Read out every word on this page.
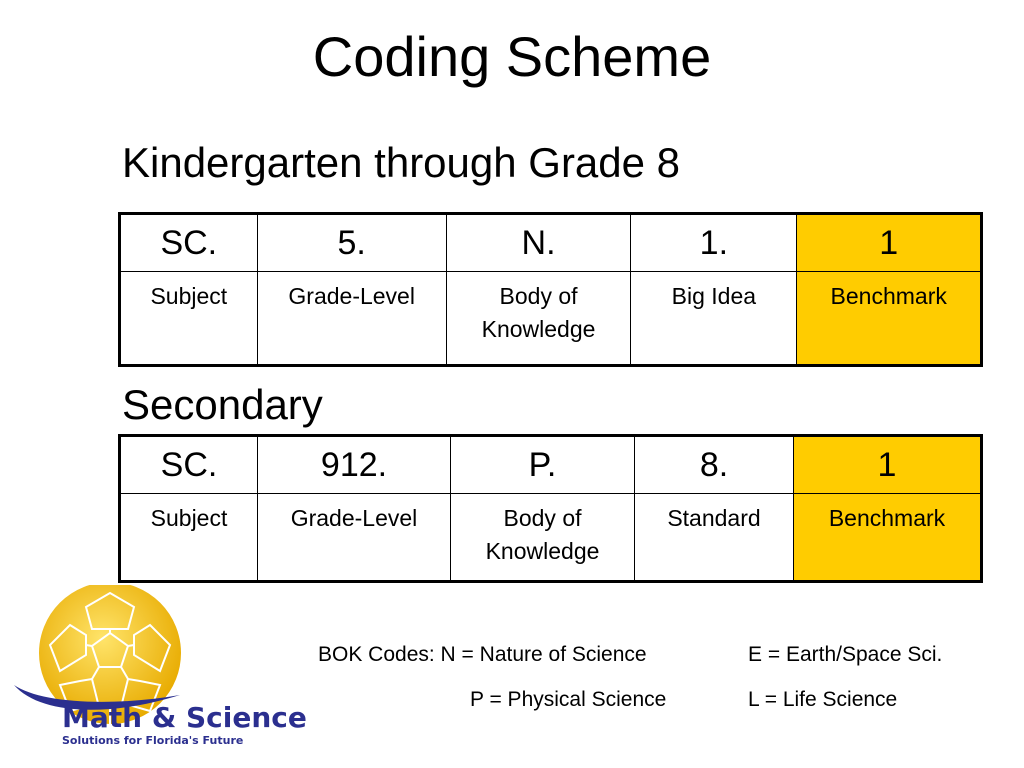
Coding Scheme
Kindergarten through Grade 8
SC.	5.	N.	1.	1
Subject	Grade-Level	Body of Knowledge	Big Idea	Benchmark
Secondary
SC.	912.	P.	8.	1
Subject	Grade-Level	Body of Knowledge	Standard	Benchmark
BOK Codes: N = Nature of Science	E = Earth/Space Sci.
P = Physical Science	L = Life Science
Math & Science
Solutions for Florida's Future
